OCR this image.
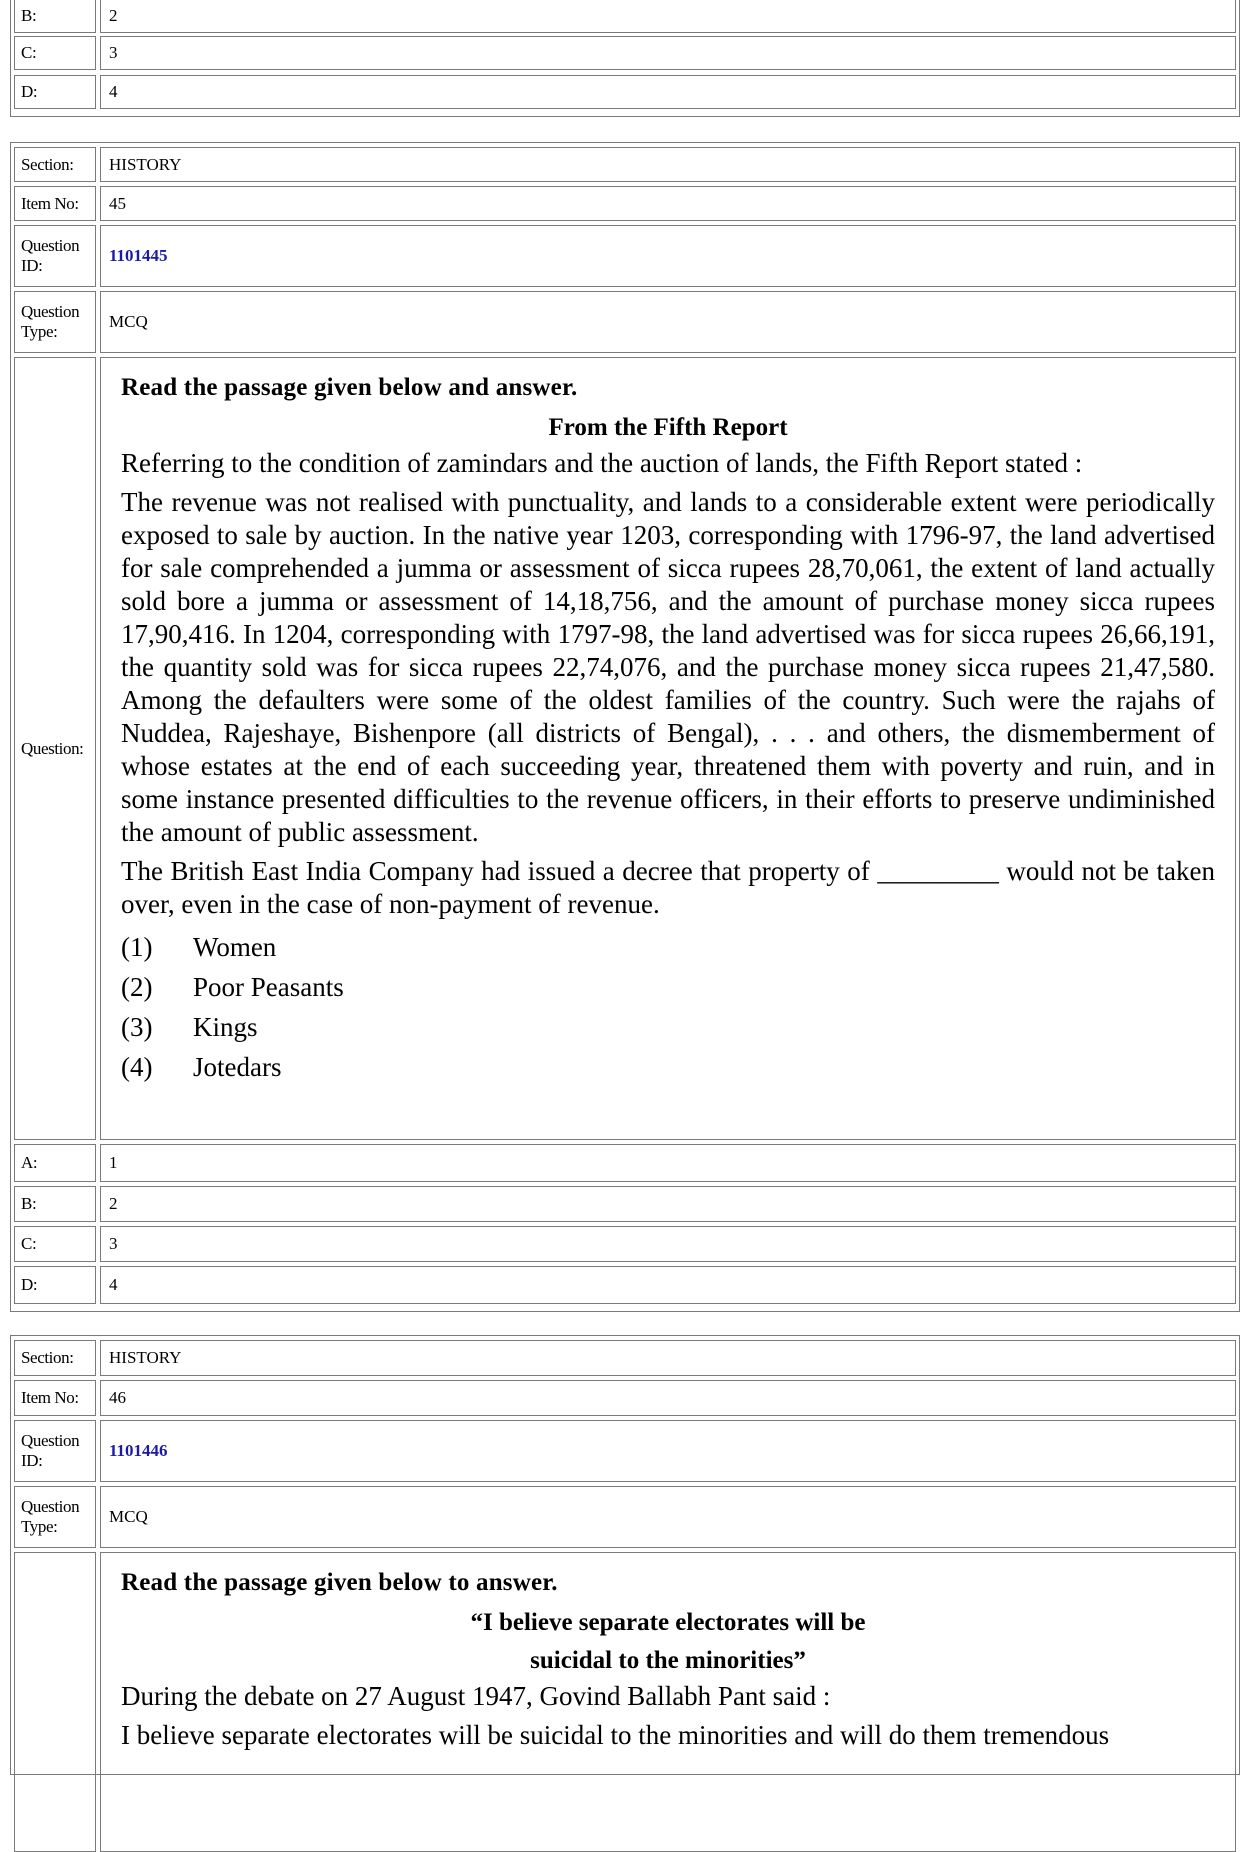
B:	2
C:	3
D:	4
Section:	HISTORY
Item No:	45
Question ID:
1101445
Question Type:
MCQ
Question:
Read the passage given below and answer.
From the Fifth Report
Referring to the condition of zamindars and the auction of lands, the Fifth Report stated :
The revenue was not realised with punctuality, and lands to a considerable extent were periodically exposed to sale by auction. In the native year 1203, corresponding with 1796-97, the land advertised for sale comprehended a jumma or assessment of sicca rupees 28,70,061, the extent of land actually sold bore a jumma or assessment of 14,18,756, and the amount of purchase money sicca rupees 17,90,416. In 1204, corresponding with 1797-98, the land advertised was for sicca rupees 26,66,191, the quantity sold was for sicca rupees 22,74,076, and the purchase money sicca rupees 21,47,580. Among the defaulters were some of the oldest families of the country. Such were the rajahs of Nuddea, Rajeshaye, Bishenpore (all districts of Bengal), . . . and others, the dismemberment of whose estates at the end of each succeeding year, threatened them with poverty and ruin, and in some instance presented difficulties to the revenue officers, in their efforts to preserve undiminished the amount of public assessment.
The British East India Company had issued a decree that property of _________ would not be taken over, even in the case of non-payment of revenue.
(1) Women
(2) Poor Peasants
(3) Kings
(4) Jotedars
A:	1
B:	2
C:	3
D:	4
Section:	HISTORY
Item No:	46
Question ID:
1101446
Question Type:
MCQ
Read the passage given below to answer.
“I believe separate electorates will be
suicidal to the minorities”
During the debate on 27 August 1947, Govind Ballabh Pant said :
I believe separate electorates will be suicidal to the minorities and will do them tremendous
